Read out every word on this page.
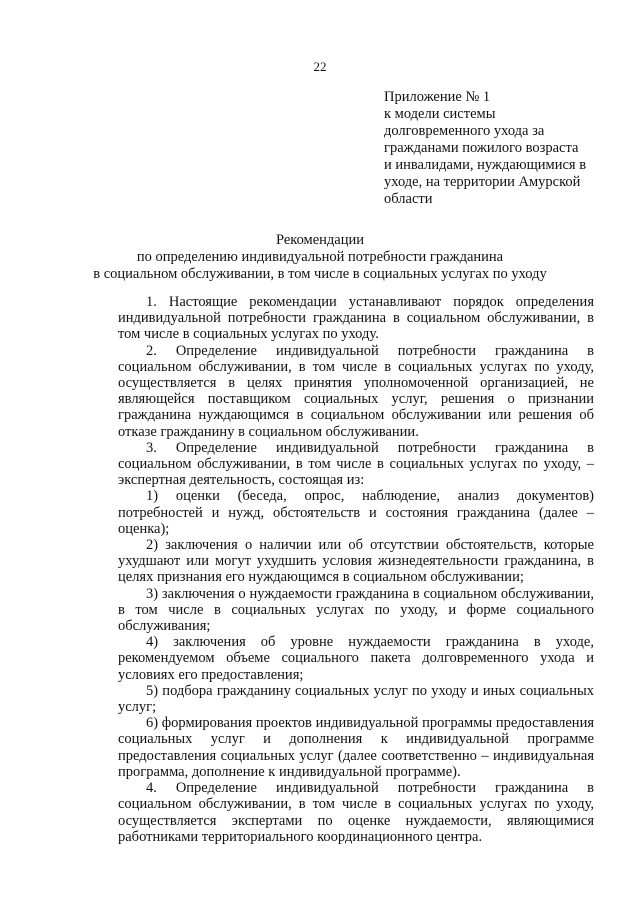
22
Приложение № 1
к модели системы
долговременного ухода за
гражданами пожилого возраста
и инвалидами, нуждающимися в
уходе, на территории Амурской
области
Рекомендации
по определению индивидуальной потребности гражданина
в социальном обслуживании, в том числе в социальных услугах по уходу

1. Настоящие рекомендации устанавливают порядок определения индивидуальной потребности гражданина в социальном обслуживании, в том числе в социальных услугах по уходу.

2. Определение индивидуальной потребности гражданина в социальном обслуживании, в том числе в социальных услугах по уходу, осуществляется в целях принятия уполномоченной организацией, не являющейся поставщиком социальных услуг, решения о признании гражданина нуждающимся в социальном обслуживании или решения об отказе гражданину в социальном обслуживании.

3. Определение индивидуальной потребности гражданина в социальном обслуживании, в том числе в социальных услугах по уходу, – экспертная деятельность, состоящая из:

1) оценки (беседа, опрос, наблюдение, анализ документов) потребностей и нужд, обстоятельств и состояния гражданина (далее – оценка);

2) заключения о наличии или об отсутствии обстоятельств, которые ухудшают или могут ухудшить условия жизнедеятельности гражданина, в целях признания его нуждающимся в социальном обслуживании;

3) заключения о нуждаемости гражданина в социальном обслуживании, в том числе в социальных услугах по уходу, и форме социального обслуживания;

4) заключения об уровне нуждаемости гражданина в уходе, рекомендуемом объеме социального пакета долговременного ухода и условиях его предоставления;

5) подбора гражданину социальных услуг по уходу и иных социальных услуг;

6) формирования проектов индивидуальной программы предоставления социальных услуг и дополнения к индивидуальной программе предоставления социальных услуг (далее соответственно – индивидуальная программа, дополнение к индивидуальной программе).

4. Определение индивидуальной потребности гражданина в социальном обслуживании, в том числе в социальных услугах по уходу, осуществляется экспертами по оценке нуждаемости, являющимися работниками территориального координационного центра.
